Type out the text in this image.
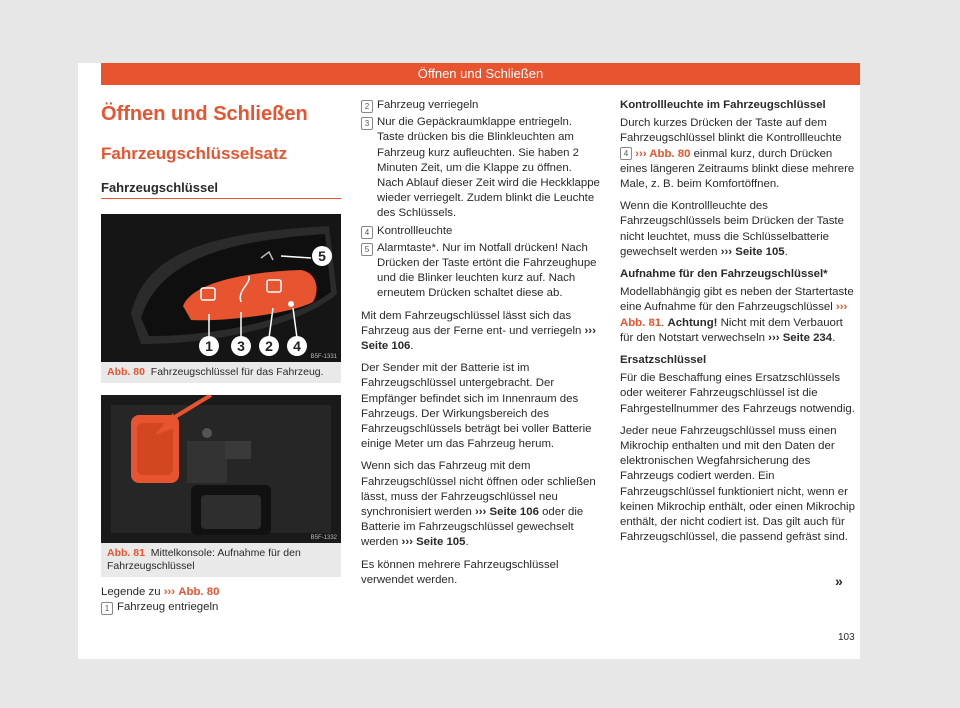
Öffnen und Schließen
Öffnen und Schließen
Fahrzeugschlüsselsatz
Fahrzeugschlüssel
5
1	3	2	4
B5F-1331
Abb. 80 Fahrzeugschlüssel für das Fahrzeug.
B5F-1332
Abb. 81 Mittelkonsole: Aufnahme für den Fahrzeugschlüssel
Legende zu ››› Abb. 80
1 Fahrzeug entriegeln
2 Fahrzeug verriegeln
3 Nur die Gepäckraumklappe entriegeln. Taste drücken bis die Blinkleuchten am Fahrzeug kurz aufleuchten. Sie haben 2 Minuten Zeit, um die Klappe zu öffnen. Nach Ablauf dieser Zeit wird die Heckklappe wieder verriegelt. Zudem blinkt die Leuchte des Schlüssels.
4 Kontrollleuchte
5 Alarmtaste*. Nur im Notfall drücken! Nach Drücken der Taste ertönt die Fahrzeughupe und die Blinker leuchten kurz auf. Nach erneutem Drücken schaltet diese ab.

Mit dem Fahrzeugschlüssel lässt sich das Fahrzeug aus der Ferne ent- und verriegeln ››› Seite 106.

Der Sender mit der Batterie ist im Fahrzeugschlüssel untergebracht. Der Empfänger befindet sich im Innenraum des Fahrzeugs. Der Wirkungsbereich des Fahrzeugschlüssels beträgt bei voller Batterie einige Meter um das Fahrzeug herum.

Wenn sich das Fahrzeug mit dem Fahrzeugschlüssel nicht öffnen oder schließen lässt, muss der Fahrzeugschlüssel neu synchronisiert werden ››› Seite 106 oder die Batterie im Fahrzeugschlüssel gewechselt werden ››› Seite 105.

Es können mehrere Fahrzeugschlüssel verwendet werden.

Kontrollleuchte im Fahrzeugschlüssel

Durch kurzes Drücken der Taste auf dem Fahrzeugschlüssel blinkt die Kontrollleuchte 4 ››› Abb. 80 einmal kurz, durch Drücken eines längeren Zeitraums blinkt diese mehrere Male, z. B. beim Komfortöffnen.

Wenn die Kontrollleuchte des Fahrzeugschlüssels beim Drücken der Taste nicht leuchtet, muss die Schlüsselbatterie gewechselt werden ››› Seite 105.

Aufnahme für den Fahrzeugschlüssel*

Modellabhängig gibt es neben der Startertaste eine Aufnahme für den Fahrzeugschlüssel ››› Abb. 81. Achtung! Nicht mit dem Verbauort für den Notstart verwechseln ››› Seite 234.

Ersatzschlüssel

Für die Beschaffung eines Ersatzschlüssels oder weiterer Fahrzeugschlüssel ist die Fahrgestellnummer des Fahrzeugs notwendig.

Jeder neue Fahrzeugschlüssel muss einen Mikrochip enthalten und mit den Daten der elektronischen Wegfahrsicherung des Fahrzeugs codiert werden. Ein Fahrzeugschlüssel funktioniert nicht, wenn er keinen Mikrochip enthält, oder einen Mikrochip enthält, der nicht codiert ist. Das gilt auch für Fahrzeugschlüssel, die passend gefräst sind.

»
103
